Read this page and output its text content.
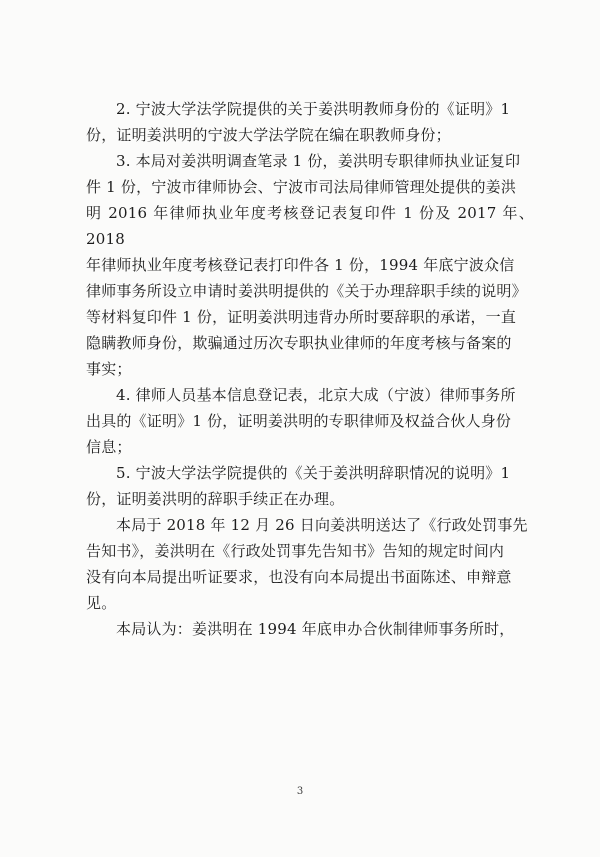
2. 宁波大学法学院提供的关于姜洪明教师身份的《证明》1
份，证明姜洪明的宁波大学法学院在编在职教师身份；

3. 本局对姜洪明调查笔录 1 份，姜洪明专职律师执业证复印
件 1 份，宁波市律师协会、宁波市司法局律师管理处提供的姜洪
明 2016 年律师执业年度考核登记表复印件 1 份及 2017 年、2018
年律师执业年度考核登记表打印件各 1 份，1994 年底宁波众信
律师事务所设立申请时姜洪明提供的《关于办理辞职手续的说明》
等材料复印件 1 份，证明姜洪明违背办所时要辞职的承诺，一直
隐瞒教师身份，欺骗通过历次专职执业律师的年度考核与备案的
事实；

4. 律师人员基本信息登记表，北京大成（宁波）律师事务所
出具的《证明》1 份，证明姜洪明的专职律师及权益合伙人身份
信息；

5. 宁波大学法学院提供的《关于姜洪明辞职情况的说明》1
份，证明姜洪明的辞职手续正在办理。

本局于 2018 年 12 月 26 日向姜洪明送达了《行政处罚事先
告知书》，姜洪明在《行政处罚事先告知书》告知的规定时间内
没有向本局提出听证要求，也没有向本局提出书面陈述、申辩意
见。

本局认为：姜洪明在 1994 年底申办合伙制律师事务所时，

3
